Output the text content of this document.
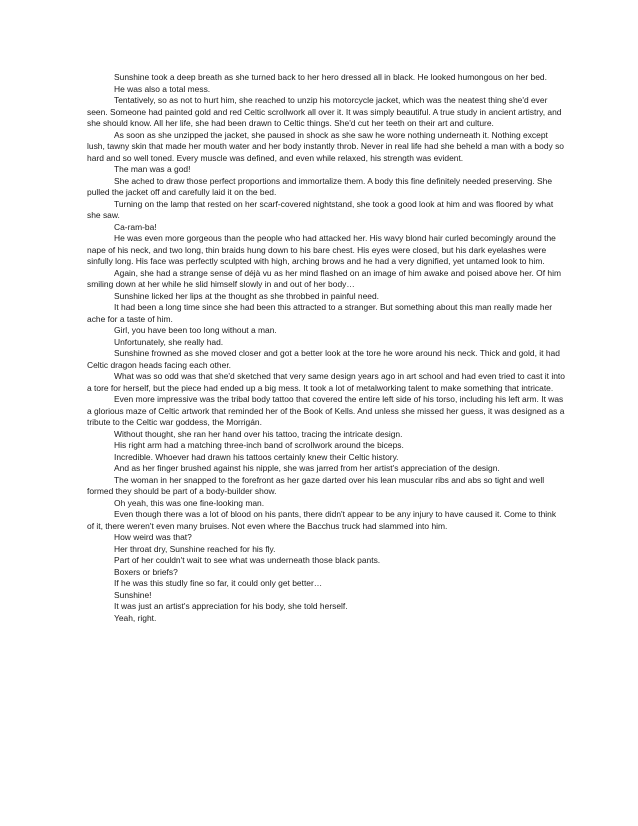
Sunshine took a deep breath as she turned back to her hero dressed all in black. He looked humongous on her bed.

He was also a total mess.

Tentatively, so as not to hurt him, she reached to unzip his motorcycle jacket, which was the neatest thing she'd ever seen. Someone had painted gold and red Celtic scrollwork all over it. It was simply beautiful. A true study in ancient artistry, and she should know. All her life, she had been drawn to Celtic things. She'd cut her teeth on their art and culture.

As soon as she unzipped the jacket, she paused in shock as she saw he wore nothing underneath it. Nothing except lush, tawny skin that made her mouth water and her body instantly throb. Never in real life had she beheld a man with a body so hard and so well toned. Every muscle was defined, and even while relaxed, his strength was evident.

The man was a god!

She ached to draw those perfect proportions and immortalize them. A body this fine definitely needed preserving. She pulled the jacket off and carefully laid it on the bed.

Turning on the lamp that rested on her scarf-covered nightstand, she took a good look at him and was floored by what she saw.

Ca-ram-ba!

He was even more gorgeous than the people who had attacked her. His wavy blond hair curled becomingly around the nape of his neck, and two long, thin braids hung down to his bare chest. His eyes were closed, but his dark eyelashes were sinfully long. His face was perfectly sculpted with high, arching brows and he had a very dignified, yet untamed look to him.

Again, she had a strange sense of déjà vu as her mind flashed on an image of him awake and poised above her. Of him smiling down at her while he slid himself slowly in and out of her body…

Sunshine licked her lips at the thought as she throbbed in painful need.

It had been a long time since she had been this attracted to a stranger. But something about this man really made her ache for a taste of him.

Girl, you have been too long without a man.

Unfortunately, she really had.

Sunshine frowned as she moved closer and got a better look at the tore he wore around his neck. Thick and gold, it had Celtic dragon heads facing each other.

What was so odd was that she'd sketched that very same design years ago in art school and had even tried to cast it into a tore for herself, but the piece had ended up a big mess. It took a lot of metalworking talent to make something that intricate.

Even more impressive was the tribal body tattoo that covered the entire left side of his torso, including his left arm. It was a glorious maze of Celtic artwork that reminded her of the Book of Kells. And unless she missed her guess, it was designed as a tribute to the Celtic war goddess, the Morrigán.

Without thought, she ran her hand over his tattoo, tracing the intricate design.

His right arm had a matching three-inch band of scrollwork around the biceps.

Incredible. Whoever had drawn his tattoos certainly knew their Celtic history.

And as her finger brushed against his nipple, she was jarred from her artist's appreciation of the design.

The woman in her snapped to the forefront as her gaze darted over his lean muscular ribs and abs so tight and well formed they should be part of a body-builder show.

Oh yeah, this was one fine-looking man.

Even though there was a lot of blood on his pants, there didn't appear to be any injury to have caused it. Come to think of it, there weren't even many bruises. Not even where the Bacchus truck had slammed into him.

How weird was that?

Her throat dry, Sunshine reached for his fly.

Part of her couldn't wait to see what was underneath those black pants.

Boxers or briefs?

If he was this studly fine so far, it could only get better…

Sunshine!

It was just an artist's appreciation for his body, she told herself.

Yeah, right.
